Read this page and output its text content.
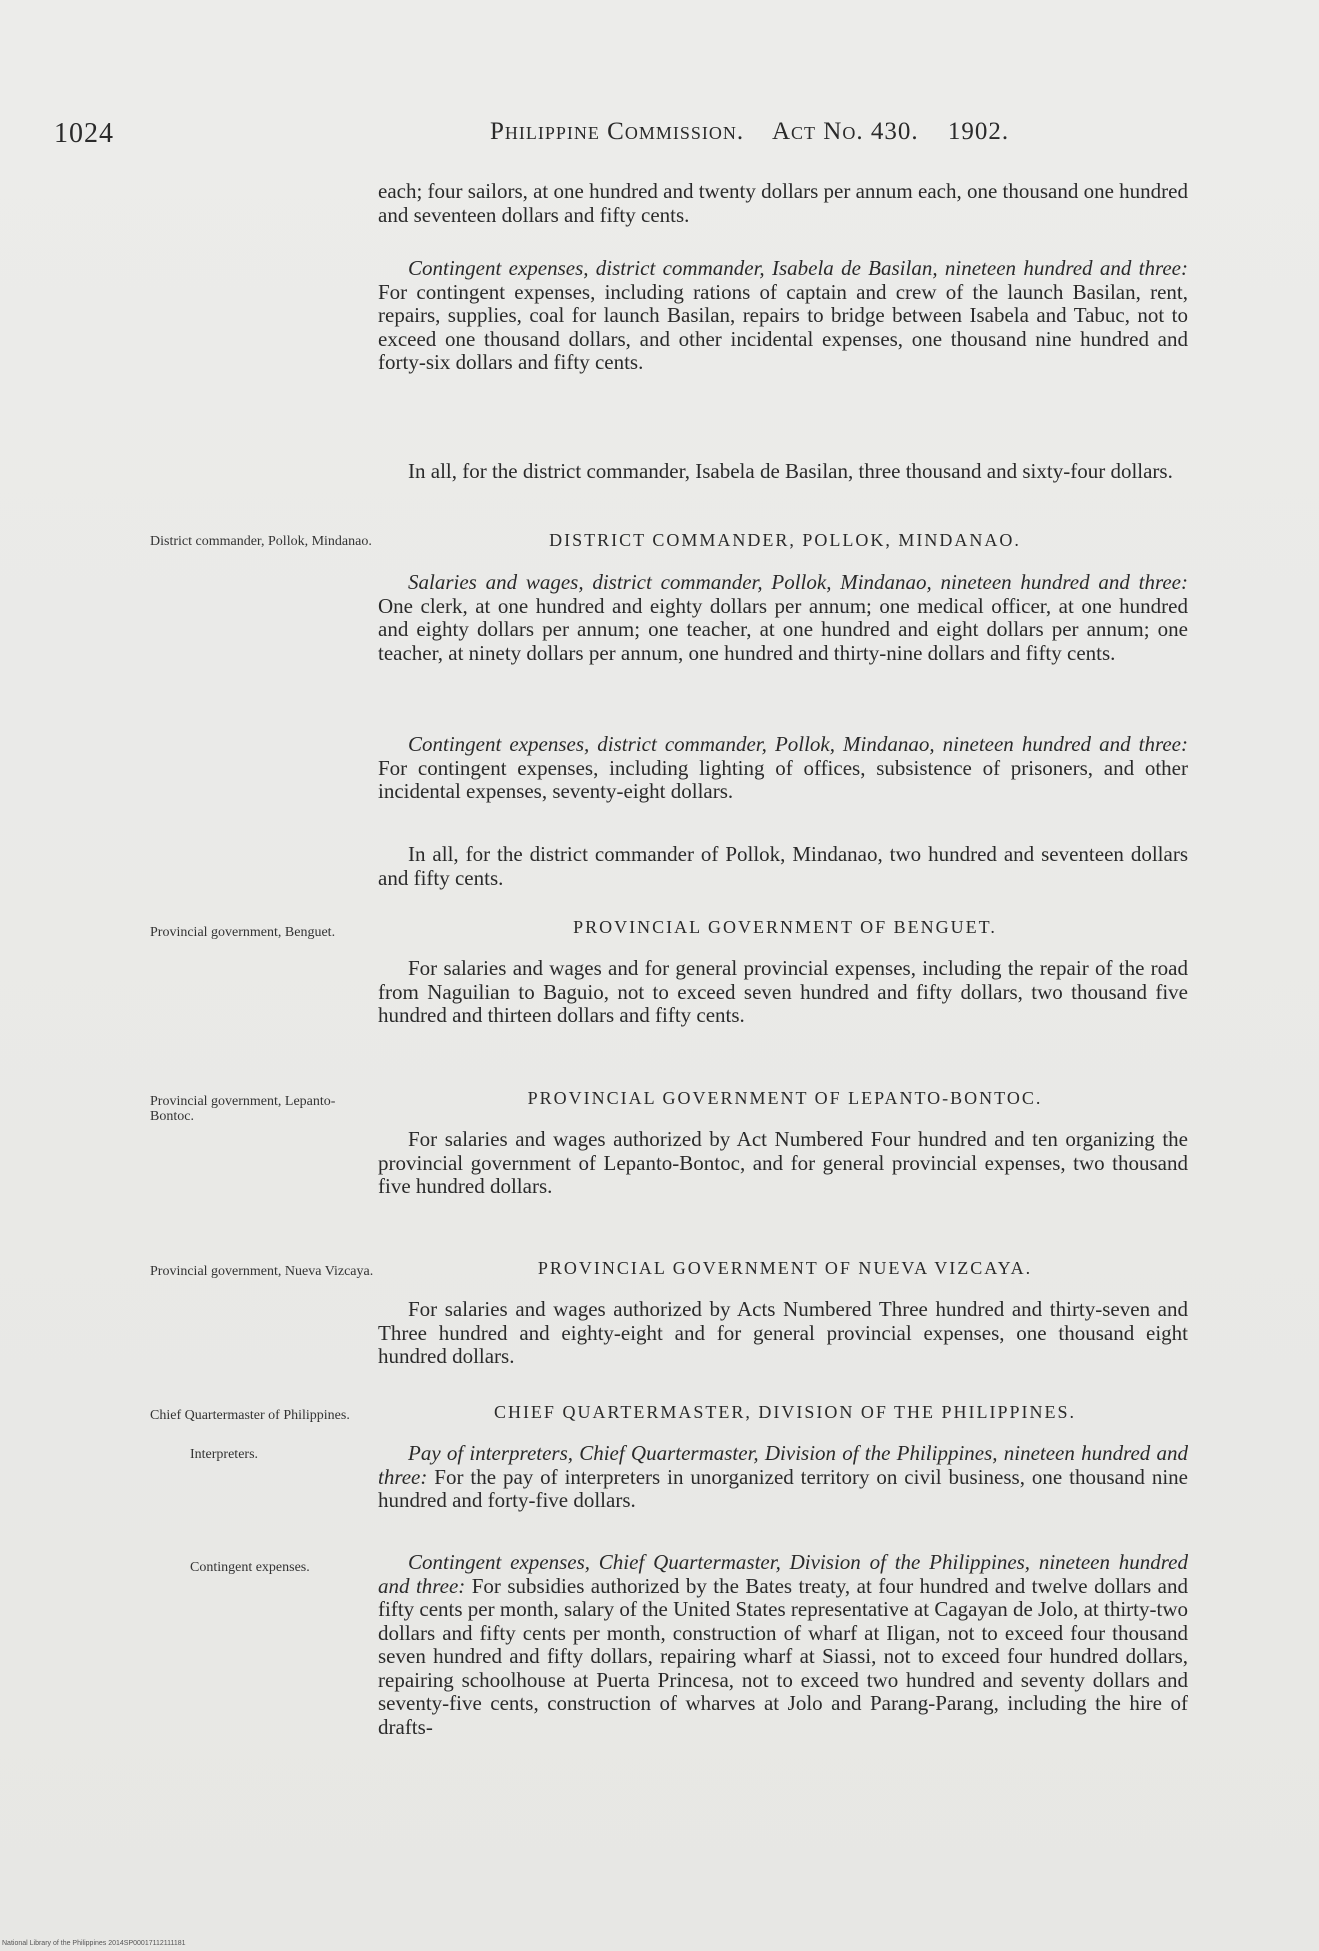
1024	Philippine Commission. Act No. 430. 1902.

each; four sailors, at one hundred and twenty dollars per annum each, one thousand one hundred and seventeen dollars and fifty cents.

Contingent expenses, district commander, Isabela de Basilan, nineteen hundred and three: For contingent expenses, including rations of captain and crew of the launch Basilan, rent, repairs, supplies, coal for launch Basilan, repairs to bridge between Isabela and Tabuc, not to exceed one thousand dollars, and other incidental expenses, one thousand nine hundred and forty-six dollars and fifty cents.

In all, for the district commander, Isabela de Basilan, three thousand and sixty-four dollars.

District commander, Pollok, Mindanao.	DISTRICT COMMANDER, POLLOK, MINDANAO.

Salaries and wages, district commander, Pollok, Mindanao, nineteen hundred and three: One clerk, at one hundred and eighty dollars per annum; one medical officer, at one hundred and eighty dollars per annum; one teacher, at one hundred and eight dollars per annum; one teacher, at ninety dollars per annum, one hundred and thirty-nine dollars and fifty cents.

Contingent expenses, district commander, Pollok, Mindanao, nineteen hundred and three: For contingent expenses, including lighting of offices, subsistence of prisoners, and other incidental expenses, seventy-eight dollars.

In all, for the district commander of Pollok, Mindanao, two hundred and seventeen dollars and fifty cents.

Provincial government, Benguet.	PROVINCIAL GOVERNMENT OF BENGUET.

For salaries and wages and for general provincial expenses, including the repair of the road from Naguilian to Baguio, not to exceed seven hundred and fifty dollars, two thousand five hundred and thirteen dollars and fifty cents.

Provincial government, Lepanto-Bontoc.
PROVINCIAL GOVERNMENT OF LEPANTO-BONTOC.

For salaries and wages authorized by Act Numbered Four hundred and ten organizing the provincial government of Lepanto-Bontoc, and for general provincial expenses, two thousand five hundred dollars.

Provincial government, Nueva Vizcaya.	PROVINCIAL GOVERNMENT OF NUEVA VIZCAYA.

For salaries and wages authorized by Acts Numbered Three hundred and thirty-seven and Three hundred and eighty-eight and for general provincial expenses, one thousand eight hundred dollars.

Chief Quartermaster of Philippines.	CHIEF QUARTERMASTER, DIVISION OF THE PHILIPPINES.
Interpreters.	Pay of interpreters, Chief Quartermaster, Division of the Philippines, nineteen hundred and three: For the pay of interpreters in unorganized territory on civil business, one thousand nine hundred and forty-five dollars.

Contingent expenses.	Contingent expenses, Chief Quartermaster, Division of the Philippines, nineteen hundred and three: For subsidies authorized by the Bates treaty, at four hundred and twelve dollars and fifty cents per month, salary of the United States representative at Cagayan de Jolo, at thirty-two dollars and fifty cents per month, construction of wharf at Iligan, not to exceed four thousand seven hundred and fifty dollars, repairing wharf at Siassi, not to exceed four hundred dollars, repairing schoolhouse at Puerta Princesa, not to exceed two hundred and seventy dollars and seventy-five cents, construction of wharves at Jolo and Parang-Parang, including the hire of drafts-

National Library of the Philippines 2014SP00017112111181
